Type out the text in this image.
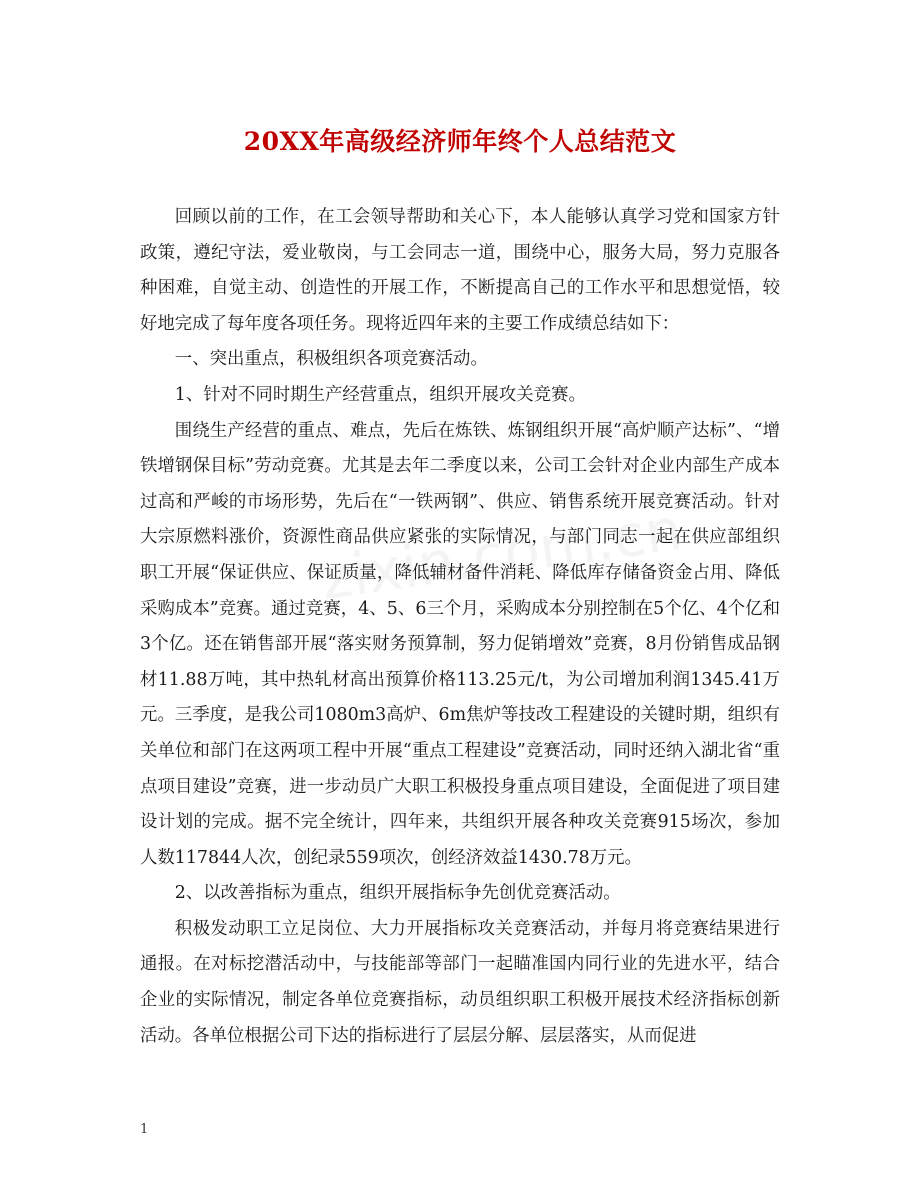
20XX年高级经济师年终个人总结范文

回顾以前的工作，在工会领导帮助和关心下，本人能够认真学习党和国家方针政策，遵纪守法，爱业敬岗，与工会同志一道，围绕中心，服务大局，努力克服各种困难，自觉主动、创造性的开展工作，不断提高自己的工作水平和思想觉悟，较好地完成了每年度各项任务。现将近四年来的主要工作成绩总结如下：

一、突出重点，积极组织各项竞赛活动。

1、针对不同时期生产经营重点，组织开展攻关竞赛。

围绕生产经营的重点、难点，先后在炼铁、炼钢组织开展“高炉顺产达标”、“增铁增钢保目标”劳动竞赛。尤其是去年二季度以来，公司工会针对企业内部生产成本过高和严峻的市场形势，先后在“一铁两钢”、供应、销售系统开展竞赛活动。针对大宗原燃料涨价，资源性商品供应紧张的实际情况，与部门同志一起在供应部组织职工开展“保证供应、保证质量，降低辅材备件消耗、降低库存储备资金占用、降低采购成本”竞赛。通过竞赛，4、5、6三个月，采购成本分别控制在5个亿、4个亿和3个亿。还在销售部开展“落实财务预算制，努力促销增效”竞赛，8月份销售成品钢材11.88万吨，其中热轧材高出预算价格113.25元/t，为公司增加利润1345.41万元。三季度，是我公司1080m3高炉、6m焦炉等技改工程建设的关键时期，组织有关单位和部门在这两项工程中开展“重点工程建设”竞赛活动，同时还纳入湖北省“重点项目建设”竞赛，进一步动员广大职工积极投身重点项目建设，全面促进了项目建设计划的完成。据不完全统计，四年来，共组织开展各种攻关竞赛915场次，参加人数117844人次，创纪录559项次，创经济效益1430.78万元。

2、以改善指标为重点，组织开展指标争先创优竞赛活动。

积极发动职工立足岗位、大力开展指标攻关竞赛活动，并每月将竞赛结果进行通报。在对标挖潜活动中，与技能部等部门一起瞄准国内同行业的先进水平，结合企业的实际情况，制定各单位竞赛指标，动员组织职工积极开展技术经济指标创新活动。各单位根据公司下达的指标进行了层层分解、层层落实，从而促进

1
